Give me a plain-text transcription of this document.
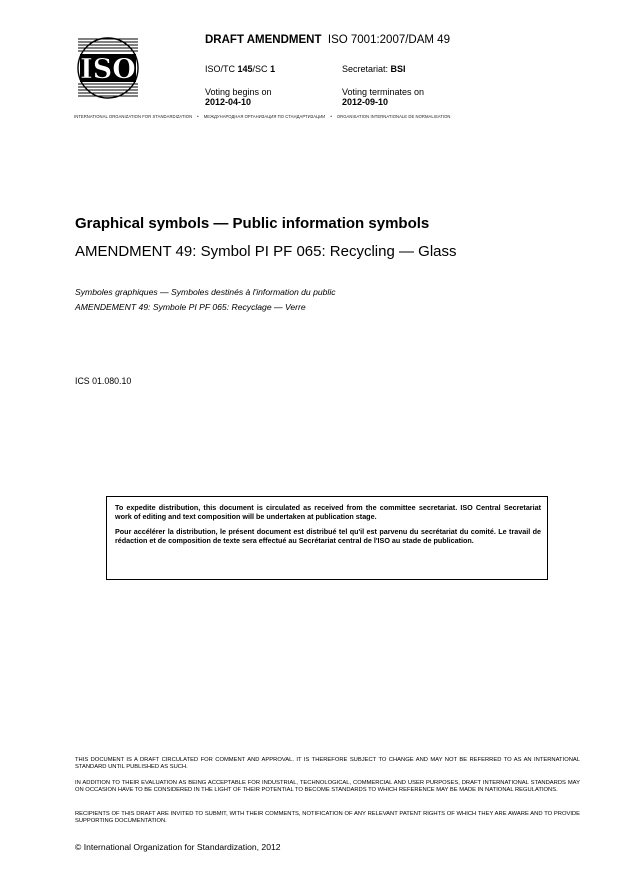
ISO
DRAFT AMENDMENT ISO 7001:2007/DAM 49
ISO/TC 145/SC 1	Secretariat: BSI
Voting begins on
2012-04-10
Voting terminates on
2012-09-10
INTERNATIONAL ORGANIZATION FOR STANDARDIZATION • МЕЖДУНАРОДНАЯ ОРГАНИЗАЦИЯ ПО СТАНДАРТИЗАЦИИ • ORGANISATION INTERNATIONALE DE NORMALISATION
Graphical symbols — Public information symbols
AMENDMENT 49: Symbol PI PF 065: Recycling — Glass
Symboles graphiques — Symboles destinés à l'information du public
AMENDEMENT 49: Symbole PI PF 065: Recyclage — Verre
ICS 01.080.10

To expedite distribution, this document is circulated as received from the committee secretariat. ISO Central Secretariat work of editing and text composition will be undertaken at publication stage.

Pour accélérer la distribution, le présent document est distribué tel qu'il est parvenu du secrétariat du comité. Le travail de rédaction et de composition de texte sera effectué au Secrétariat central de l'ISO au stade de publication.

THIS DOCUMENT IS A DRAFT CIRCULATED FOR COMMENT AND APPROVAL. IT IS THEREFORE SUBJECT TO CHANGE AND MAY NOT BE REFERRED TO AS AN INTERNATIONAL STANDARD UNTIL PUBLISHED AS SUCH.
IN ADDITION TO THEIR EVALUATION AS BEING ACCEPTABLE FOR INDUSTRIAL, TECHNOLOGICAL, COMMERCIAL AND USER PURPOSES, DRAFT INTERNATIONAL STANDARDS MAY ON OCCASION HAVE TO BE CONSIDERED IN THE LIGHT OF THEIR POTENTIAL TO BECOME STANDARDS TO WHICH REFERENCE MAY BE MADE IN NATIONAL REGULATIONS.
RECIPIENTS OF THIS DRAFT ARE INVITED TO SUBMIT, WITH THEIR COMMENTS, NOTIFICATION OF ANY RELEVANT PATENT RIGHTS OF WHICH THEY ARE AWARE AND TO PROVIDE SUPPORTING DOCUMENTATION.
© International Organization for Standardization, 2012
